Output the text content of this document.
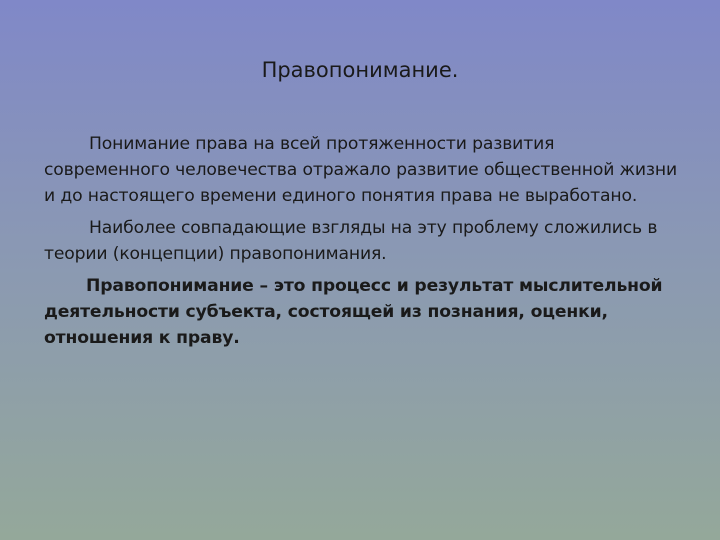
Правопонимание.

Понимание права на всей протяженности развития современного человечества отражало развитие общественной жизни и до настоящего времени единого понятия права не выработано.

Наиболее совпадающие взгляды на эту проблему сложились в теории (концепции) правопонимания.

Правопонимание – это процесс и результат мыслительной деятельности субъекта, состоящей из познания, оценки, отношения к праву.
